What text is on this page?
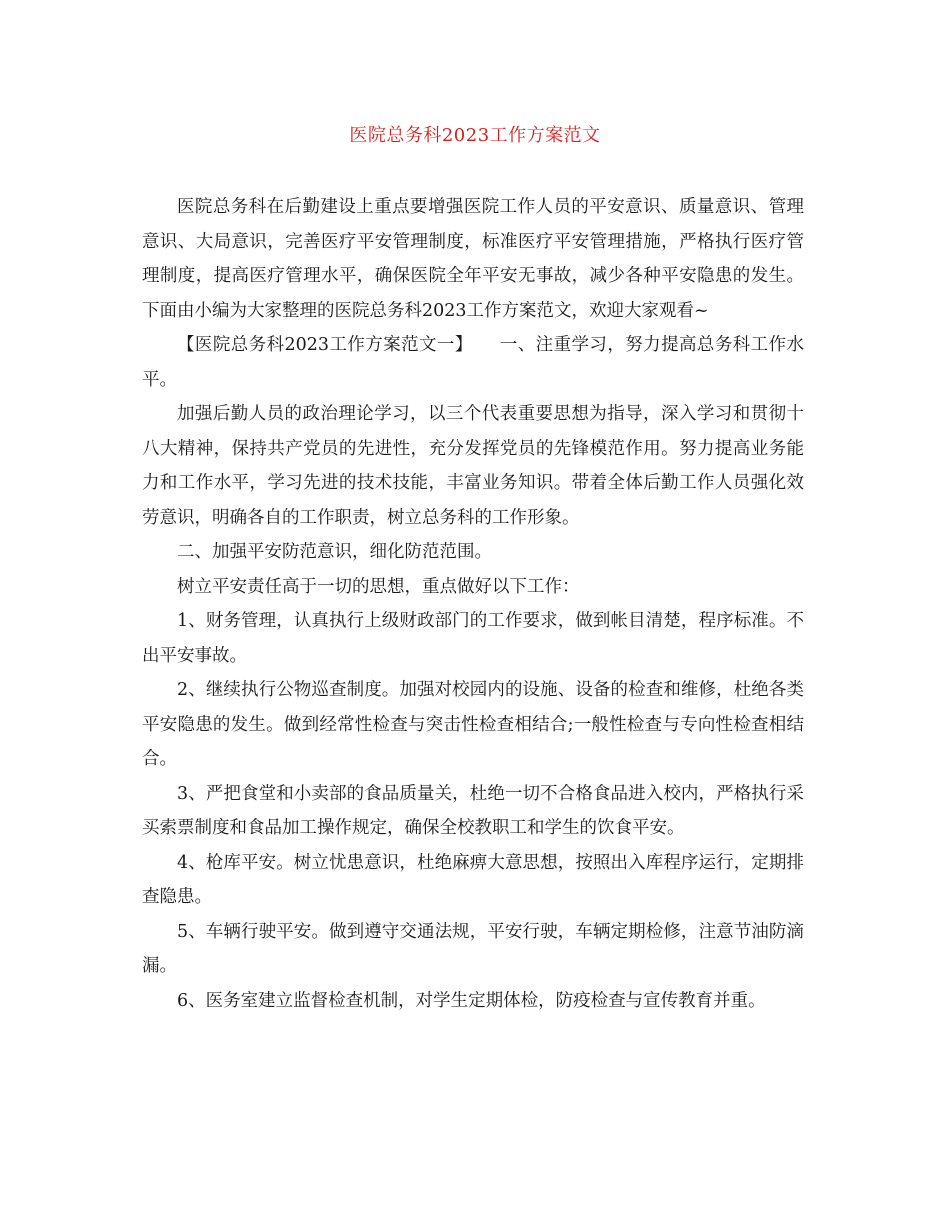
医院总务科2023工作方案范文

医院总务科在后勤建设上重点要增强医院工作人员的平安意识、质量意识、管理意识、大局意识，完善医疗平安管理制度，标准医疗平安管理措施，严格执行医疗管理制度，提高医疗管理水平，确保医院全年平安无事故，减少各种平安隐患的发生。下面由小编为大家整理的医院总务科2023工作方案范文，欢迎大家观看~

【医院总务科2023工作方案范文一】　　一、注重学习，努力提高总务科工作水平。

加强后勤人员的政治理论学习，以三个代表重要思想为指导，深入学习和贯彻十八大精神，保持共产党员的先进性，充分发挥党员的先锋模范作用。努力提高业务能力和工作水平，学习先进的技术技能，丰富业务知识。带着全体后勤工作人员强化效劳意识，明确各自的工作职责，树立总务科的工作形象。

二、加强平安防范意识，细化防范范围。

树立平安责任高于一切的思想，重点做好以下工作：

1、财务管理，认真执行上级财政部门的工作要求，做到帐目清楚，程序标准。不出平安事故。

2、继续执行公物巡查制度。加强对校园内的设施、设备的检查和维修，杜绝各类平安隐患的发生。做到经常性检查与突击性检查相结合;一般性检查与专向性检查相结合。

3、严把食堂和小卖部的食品质量关，杜绝一切不合格食品进入校内，严格执行采买索票制度和食品加工操作规定，确保全校教职工和学生的饮食平安。

4、枪库平安。树立忧患意识，杜绝麻痹大意思想，按照出入库程序运行，定期排查隐患。

5、车辆行驶平安。做到遵守交通法规，平安行驶，车辆定期检修，注意节油防滴漏。

6、医务室建立监督检查机制，对学生定期体检，防疫检查与宣传教育并重。
